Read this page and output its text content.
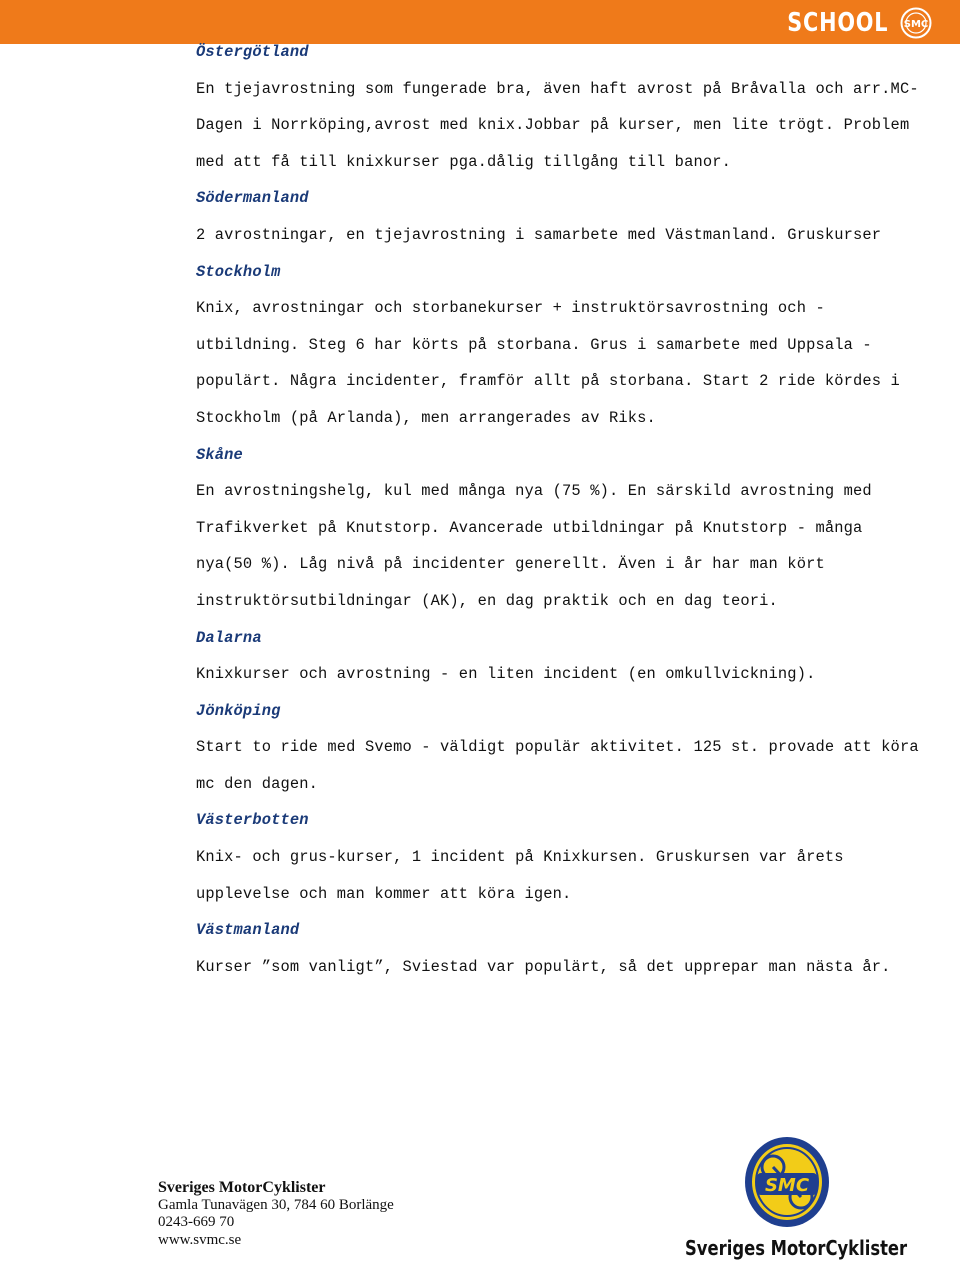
SCHOOL SMC

Östergötland

En tjejavrostning som fungerade bra, även haft avrost på Bråvalla och arr.MC-Dagen i Norrköping,avrost med knix.Jobbar på kurser, men lite trögt. Problem med att få till knixkurser pga.dålig tillgång till banor.

Södermanland

2 avrostningar, en tjejavrostning i samarbete med Västmanland. Gruskurser

Stockholm

Knix, avrostningar och storbanekurser + instruktörsavrostning och -utbildning. Steg 6 har körts på storbana. Grus i samarbete med Uppsala - populärt. Några incidenter, framför allt på storbana. Start 2 ride kördes i Stockholm (på Arlanda), men arrangerades av Riks.

Skåne

En avrostningshelg, kul med många nya (75 %). En särskild avrostning med Trafikverket på Knutstorp. Avancerade utbildningar på Knutstorp - många nya(50 %). Låg nivå på incidenter generellt. Även i år har man kört instruktörsutbildningar (AK), en dag praktik och en dag teori.

Dalarna

Knixkurser och avrostning - en liten incident (en omkullvickning).

Jönköping

Start to ride med Svemo - väldigt populär aktivitet. 125 st. provade att köra mc den dagen.

Västerbotten

Knix- och grus-kurser, 1 incident på Knixkursen. Gruskursen var årets upplevelse och man kommer att köra igen.

Västmanland

Kurser ”som vanligt”, Sviestad var populärt, så det upprepar man nästa år.

Sveriges MotorCyklister
Gamla Tunavägen 30, 784 60 Borlänge
0243-669 70
www.svmc.se
SMC
Sveriges MotorCyklister
